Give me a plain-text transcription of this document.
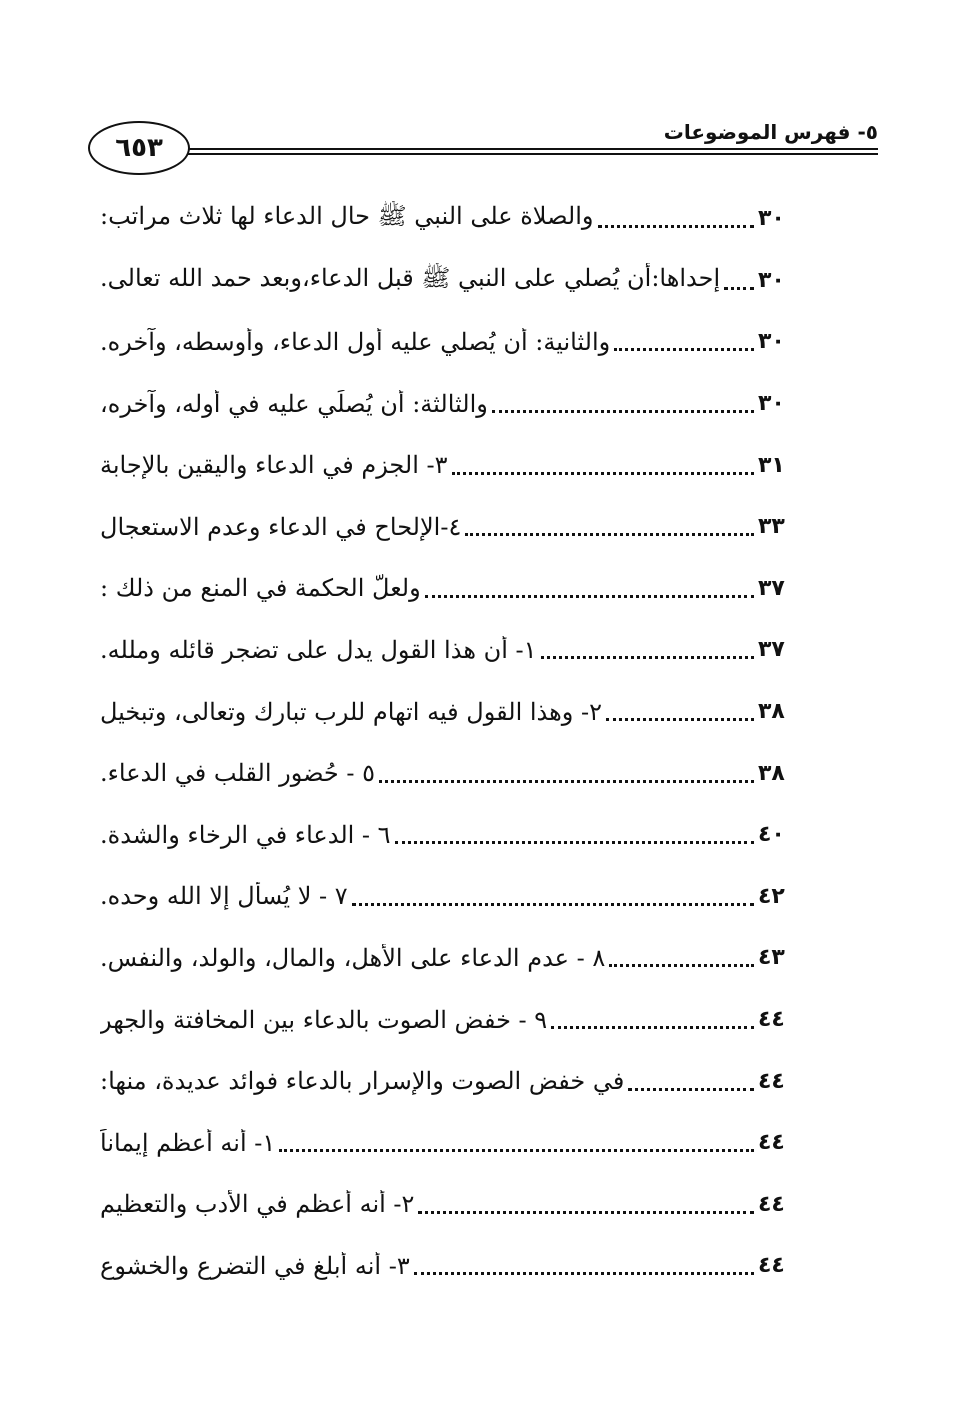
٦٥٣
٥- فهرس الموضوعات
والصلاة على النبي ﷺ حال الدعاء لها ثلاث مراتب:	٣٠
إحداها:أن يُصلي على النبي ﷺ قبل الدعاء،وبعد حمد الله تعالى. ٣٠
والثانية: أن يُصلي عليه أول الدعاء، وأوسطه، وآخره.	٣٠
والثالثة: أن يُصلِّي عليه في أوله، وآخره،	٣٠
٣- الجزم في الدعاء واليقين بالإجابة	٣١
٤-الإلحاح في الدعاء وعدم الاستعجال	٣٣
ولعلّ الحكمة في المنع من ذلك :	٣٧
١- أن هذا القول يدل على تضجر قائله وملله.	٣٧
٢- وهذا القول فيه اتهام للرب تبارك وتعالى، وتبخيل	٣٨
٥ - حُضور القلب في الدعاء.	٣٨
٦ - الدعاء في الرخاء والشدة.	٤٠
٧ - لا يُسأل إلا الله وحده.	٤٢
٨ - عدم الدعاء على الأهل، والمال، والولد، والنفس.	٤٣
٩ - خفض الصوت بالدعاء بين المخافتة والجهر	٤٤
في خفض الصوت والإسرار بالدعاء فوائد عديدة، منها:	٤٤
١- أنه أعظم إيماناً	٤٤
٢- أنه أعظم في الأدب والتعظيم	٤٤
٣- أنه أبلغ في التضرع والخشوع	٤٤
